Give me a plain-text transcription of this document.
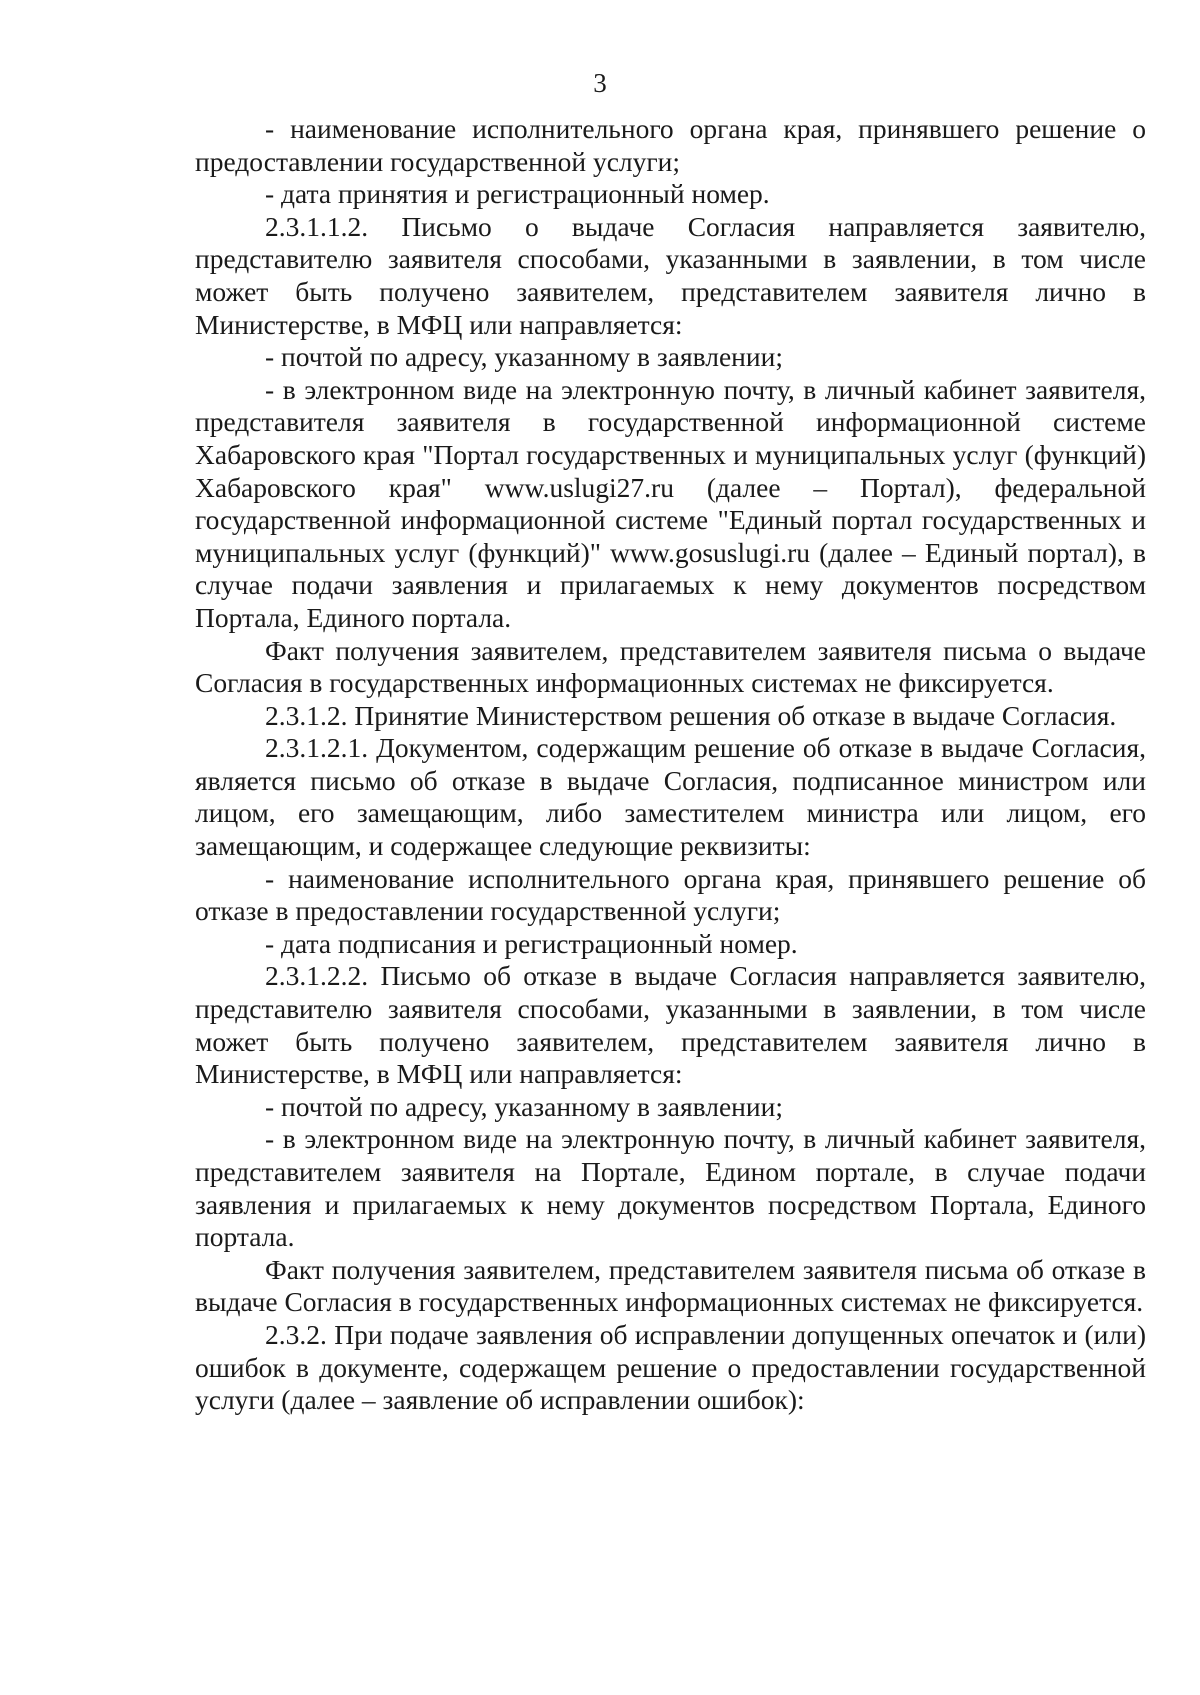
3

- наименование исполнительного органа края, принявшего решение о предоставлении государственной услуги;

- дата принятия и регистрационный номер.

2.3.1.1.2. Письмо о выдаче Согласия направляется заявителю, представителю заявителя способами, указанными в заявлении, в том числе может быть получено заявителем, представителем заявителя лично в Министерстве, в МФЦ или направляется:

- почтой по адресу, указанному в заявлении;

- в электронном виде на электронную почту, в личный кабинет заявителя, представителя заявителя в государственной информационной системе Хабаровского края "Портал государственных и муниципальных услуг (функций) Хабаровского края" www.uslugi27.ru (далее – Портал), федеральной государственной информационной системе "Единый портал государственных и муниципальных услуг (функций)" www.gosuslugi.ru (далее – Единый портал), в случае подачи заявления и прилагаемых к нему документов посредством Портала, Единого портала.

Факт получения заявителем, представителем заявителя письма о выдаче Согласия в государственных информационных системах не фиксируется.

2.3.1.2. Принятие Министерством решения об отказе в выдаче Согласия.

2.3.1.2.1. Документом, содержащим решение об отказе в выдаче Согласия, является письмо об отказе в выдаче Согласия, подписанное министром или лицом, его замещающим, либо заместителем министра или лицом, его замещающим, и содержащее следующие реквизиты:

- наименование исполнительного органа края, принявшего решение об отказе в предоставлении государственной услуги;

- дата подписания и регистрационный номер.

2.3.1.2.2. Письмо об отказе в выдаче Согласия направляется заявителю, представителю заявителя способами, указанными в заявлении, в том числе может быть получено заявителем, представителем заявителя лично в Министерстве, в МФЦ или направляется:

- почтой по адресу, указанному в заявлении;

- в электронном виде на электронную почту, в личный кабинет заявителя, представителем заявителя на Портале, Едином портале, в случае подачи заявления и прилагаемых к нему документов посредством Портала, Единого портала.

Факт получения заявителем, представителем заявителя письма об отказе в выдаче Согласия в государственных информационных системах не фиксируется.

2.3.2. При подаче заявления об исправлении допущенных опечаток и (или) ошибок в документе, содержащем решение о предоставлении государственной услуги (далее – заявление об исправлении ошибок):
